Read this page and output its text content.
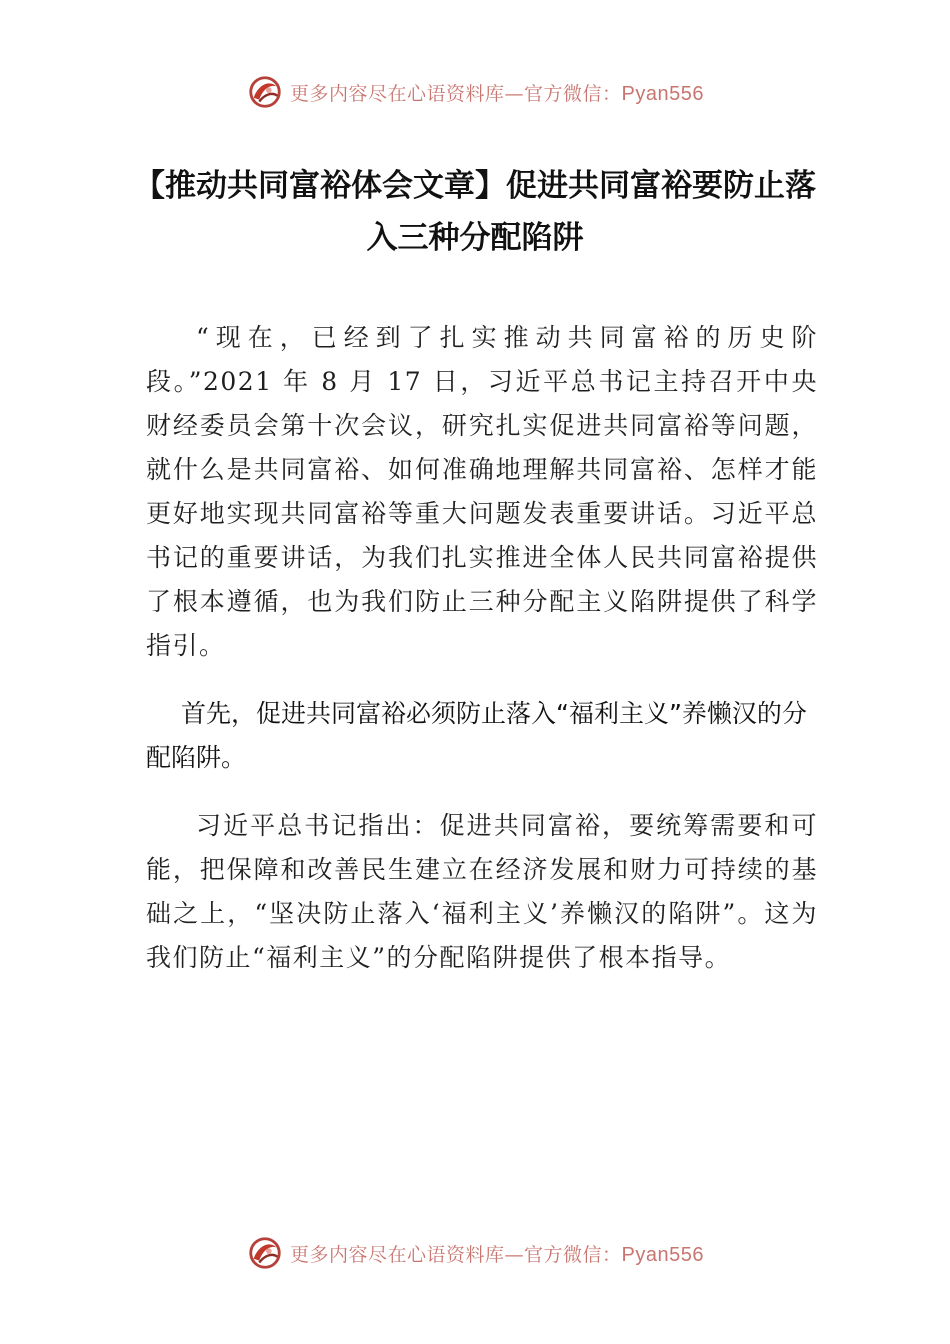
更多内容尽在心语资料库—官方微信：Pyan556
【推动共同富裕体会文章】促进共同富裕要防止落入三种分配陷阱

“现在，已经到了扎实推动共同富裕的历史阶段。”2021 年 8 月 17 日，习近平总书记主持召开中央财经委员会第十次会议，研究扎实促进共同富裕等问题，就什么是共同富裕、如何准确地理解共同富裕、怎样才能更好地实现共同富裕等重大问题发表重要讲话。习近平总书记的重要讲话，为我们扎实推进全体人民共同富裕提供了根本遵循，也为我们防止三种分配主义陷阱提供了科学指引。

首先，促进共同富裕必须防止落入“福利主义”养懒汉的分配陷阱。

习近平总书记指出：促进共同富裕，要统筹需要和可能，把保障和改善民生建立在经济发展和财力可持续的基础之上，“坚决防止落入‘福利主义’养懒汉的陷阱”。这为我们防止“福利主义”的分配陷阱提供了根本指导。

更多内容尽在心语资料库—官方微信：Pyan556
